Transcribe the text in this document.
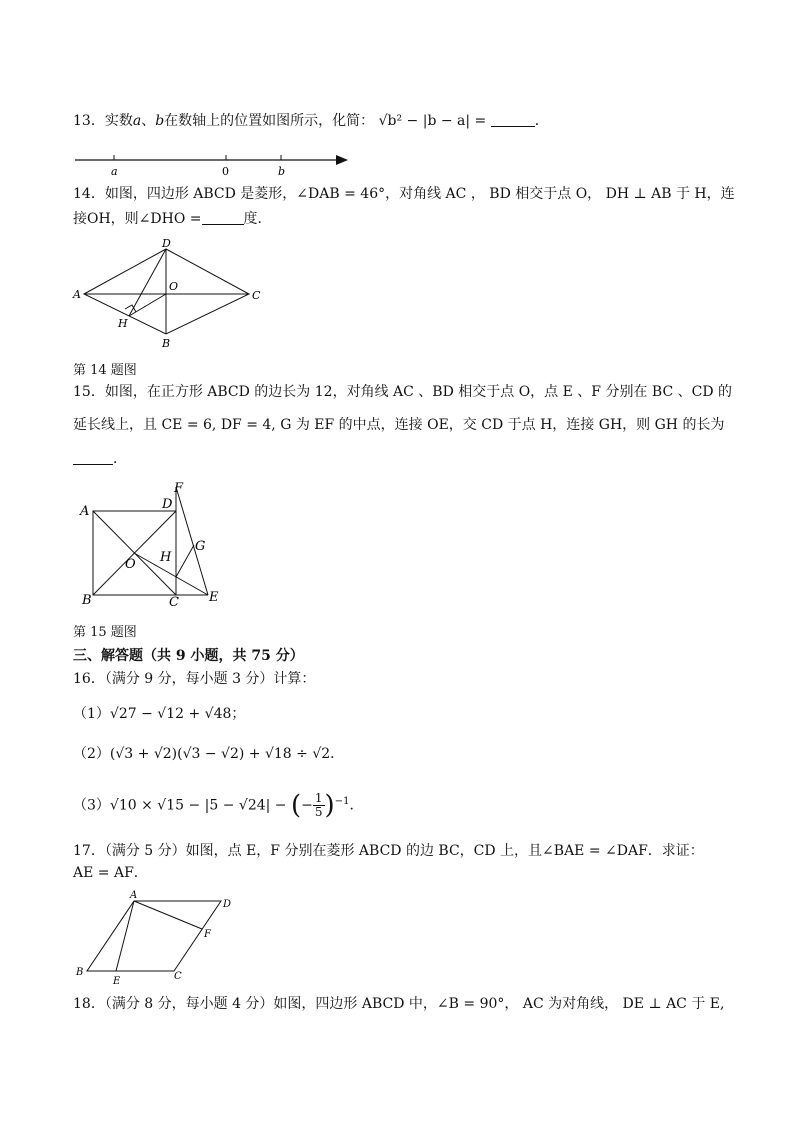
13．实数a、b在数轴上的位置如图所示，化简： √b² − |b − a| =	．
a	0	b
14．如图，四边形 ABCD 是菱形，∠DAB = 46°，对角线 AC ， BD 相交于点 O， DH ⊥ AB 于 H，连
接OH，则∠DHO =	度．
D
O
A	C
H
B
第 14 题图
15．如图，在正方形 ABCD 的边长为 12，对角线 AC 、BD 相交于点 O，点 E 、F 分别在 BC 、CD 的
延长线上，且 CE = 6, DF = 4, G 为 EF 的中点，连接 OE，交 CD 于点 H，连接 GH，则 GH 的长为
．
A	D
F
G
O H
B	C E
第 15 题图
三、解答题（共 9 小题，共 75 分）
16．（满分 9 分，每小题 3 分）计算：
（1）√27 − √12 + √48；
（2）(√3 + √2)(√3 − √2) + √18 ÷ √2．
（3）√10 × √15 − |5 − √24| − (− $\frac{1}{5} )^{-1}$．
17．（满分 5 分）如图，点 E，F 分别在菱形 ABCD 的边 BC，CD 上，且∠BAE = ∠DAF．求证：
AE = AF．
A
D
F
B
E	C
18．（满分 8 分，每小题 4 分）如图，四边形 ABCD 中，∠B = 90°， AC 为对角线， DE ⊥ AC 于 E,
